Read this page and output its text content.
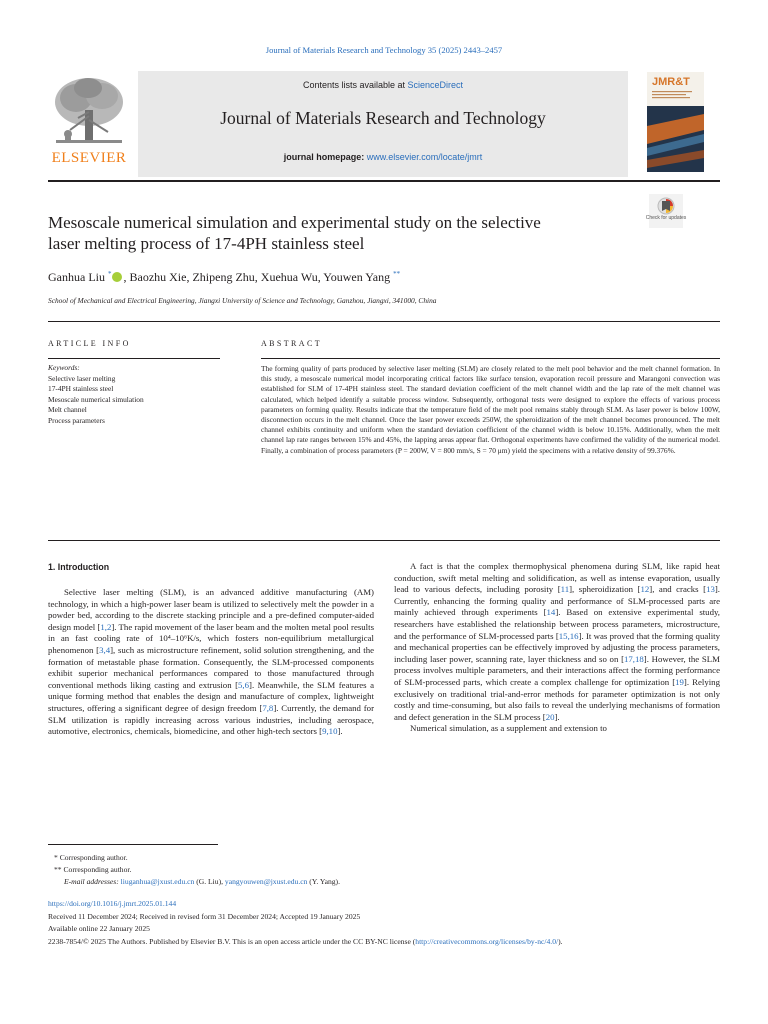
Journal of Materials Research and Technology 35 (2025) 2443–2457
Contents lists available at ScienceDirect
Journal of Materials Research and Technology
journal homepage: www.elsevier.com/locate/jmrt
ELSEVIER
JMR&T
Check for updates
Mesoscale numerical simulation and experimental study on the selective
laser melting process of 17-4PH stainless steel
Ganhua Liu * , Baozhu Xie, Zhipeng Zhu, Xuehua Wu, Youwen Yang **
School of Mechanical and Electrical Engineering, Jiangxi University of Science and Technology, Ganzhou, Jiangxi, 341000, China
ARTICLE INFO
Keywords:
Selective laser melting
17-4PH stainless steel
Mesoscale numerical simulation
Melt channel
Process parameters
ABSTRACT
The forming quality of parts produced by selective laser melting (SLM) are closely related to the melt pool behavior and the melt channel formation. In this study, a mesoscale numerical model incorporating critical factors like surface tension, evaporation recoil pressure and Marangoni convection was established for SLM of 17-4PH stainless steel. The standard deviation coefficient of the melt channel width and the lap rate of the melt channel was calculated, which helped identify a suitable process window. Subsequently, orthogonal tests were designed to explore the effects of various process parameters on forming quality. Results indicate that the temperature field of the melt pool remains stably through SLM. As laser power is below 100W, disconnection occurs in the melt channel. Once the laser power exceeds 250W, the spheroidization of the melt channel becomes pronounced. The melt channel exhibits continuity and uniform when the standard deviation coefficient of the channel width is below 10.15%. Additionally, when the melt channel lap rate ranges between 15% and 45%, the lapping areas appear flat. Orthogonal experiments have confirmed the validity of the numerical model. Finally, a combination of process parameters (P = 200W, V = 800 mm/s, S = 70 μm) yield the specimens with a relative density of 99.376%.
1. Introduction
Selective laser melting (SLM), is an advanced additive manufacturing (AM) technology, in which a high-power laser beam is utilized to selectively melt the powder in a powder bed, according to the discrete stacking principle and a pre-defined computer-aided design model [1,2]. The rapid movement of the laser beam and the molten metal pool results in an fast cooling rate of 10⁴–10⁶K/s, which fosters non-equilibrium metallurgical phenomenon [3,4], such as microstructure refinement, solid solution strengthening, and the formation of metastable phase formation. Consequently, the SLM-processed components exhibit superior mechanical performances compared to those manufactured through conventional methods liking casting and extrusion [5,6]. Meanwhile, the SLM features a unique forming method that enables the design and manufacture of complex, lightweight structures, offering a significant degree of design freedom [7,8]. Currently, the demand for SLM utilization is rapidly increasing across various industries, including aerospace, automotive, electronics, chemicals, biomedicine, and other high-tech sectors [9,10].

A fact is that the complex thermophysical phenomena during SLM, like rapid heat conduction, swift metal melting and solidification, as well as intense evaporation, usually lead to various defects, including porosity [11], spheroidization [12], and cracks [13]. Currently, enhancing the forming quality and performance of SLM-processed parts are mainly achieved through experiments [14]. Based on extensive experimental study, researchers have established the relationship between process parameters, microstructure, and the performance of SLM-processed parts [15,16]. It was proved that the forming quality and mechanical properties can be effectively improved by adjusting the process parameters, including laser power, scanning rate, layer thickness and so on [17,18]. However, the SLM process involves multiple parameters, and their interactions affect the forming performance of SLM-processed parts, which create a complex challenge for optimization [19]. Relying exclusively on traditional trial-and-error methods for parameter optimization is not only costly and time-consuming, but also fails to reveal the underlying mechanisms of formation and defect generation in the SLM process [20].

Numerical simulation, as a supplement and extension to

* Corresponding author.
** Corresponding author.
E-mail addresses: liuganhua@jxust.edu.cn (G. Liu), yangyouwen@jxust.edu.cn (Y. Yang).
https://doi.org/10.1016/j.jmrt.2025.01.144
Received 11 December 2024; Received in revised form 31 December 2024; Accepted 19 January 2025
Available online 22 January 2025
2238-7854/© 2025 The Authors. Published by Elsevier B.V. This is an open access article under the CC BY-NC license (http://creativecommons.org/licenses/by-nc/4.0/).
